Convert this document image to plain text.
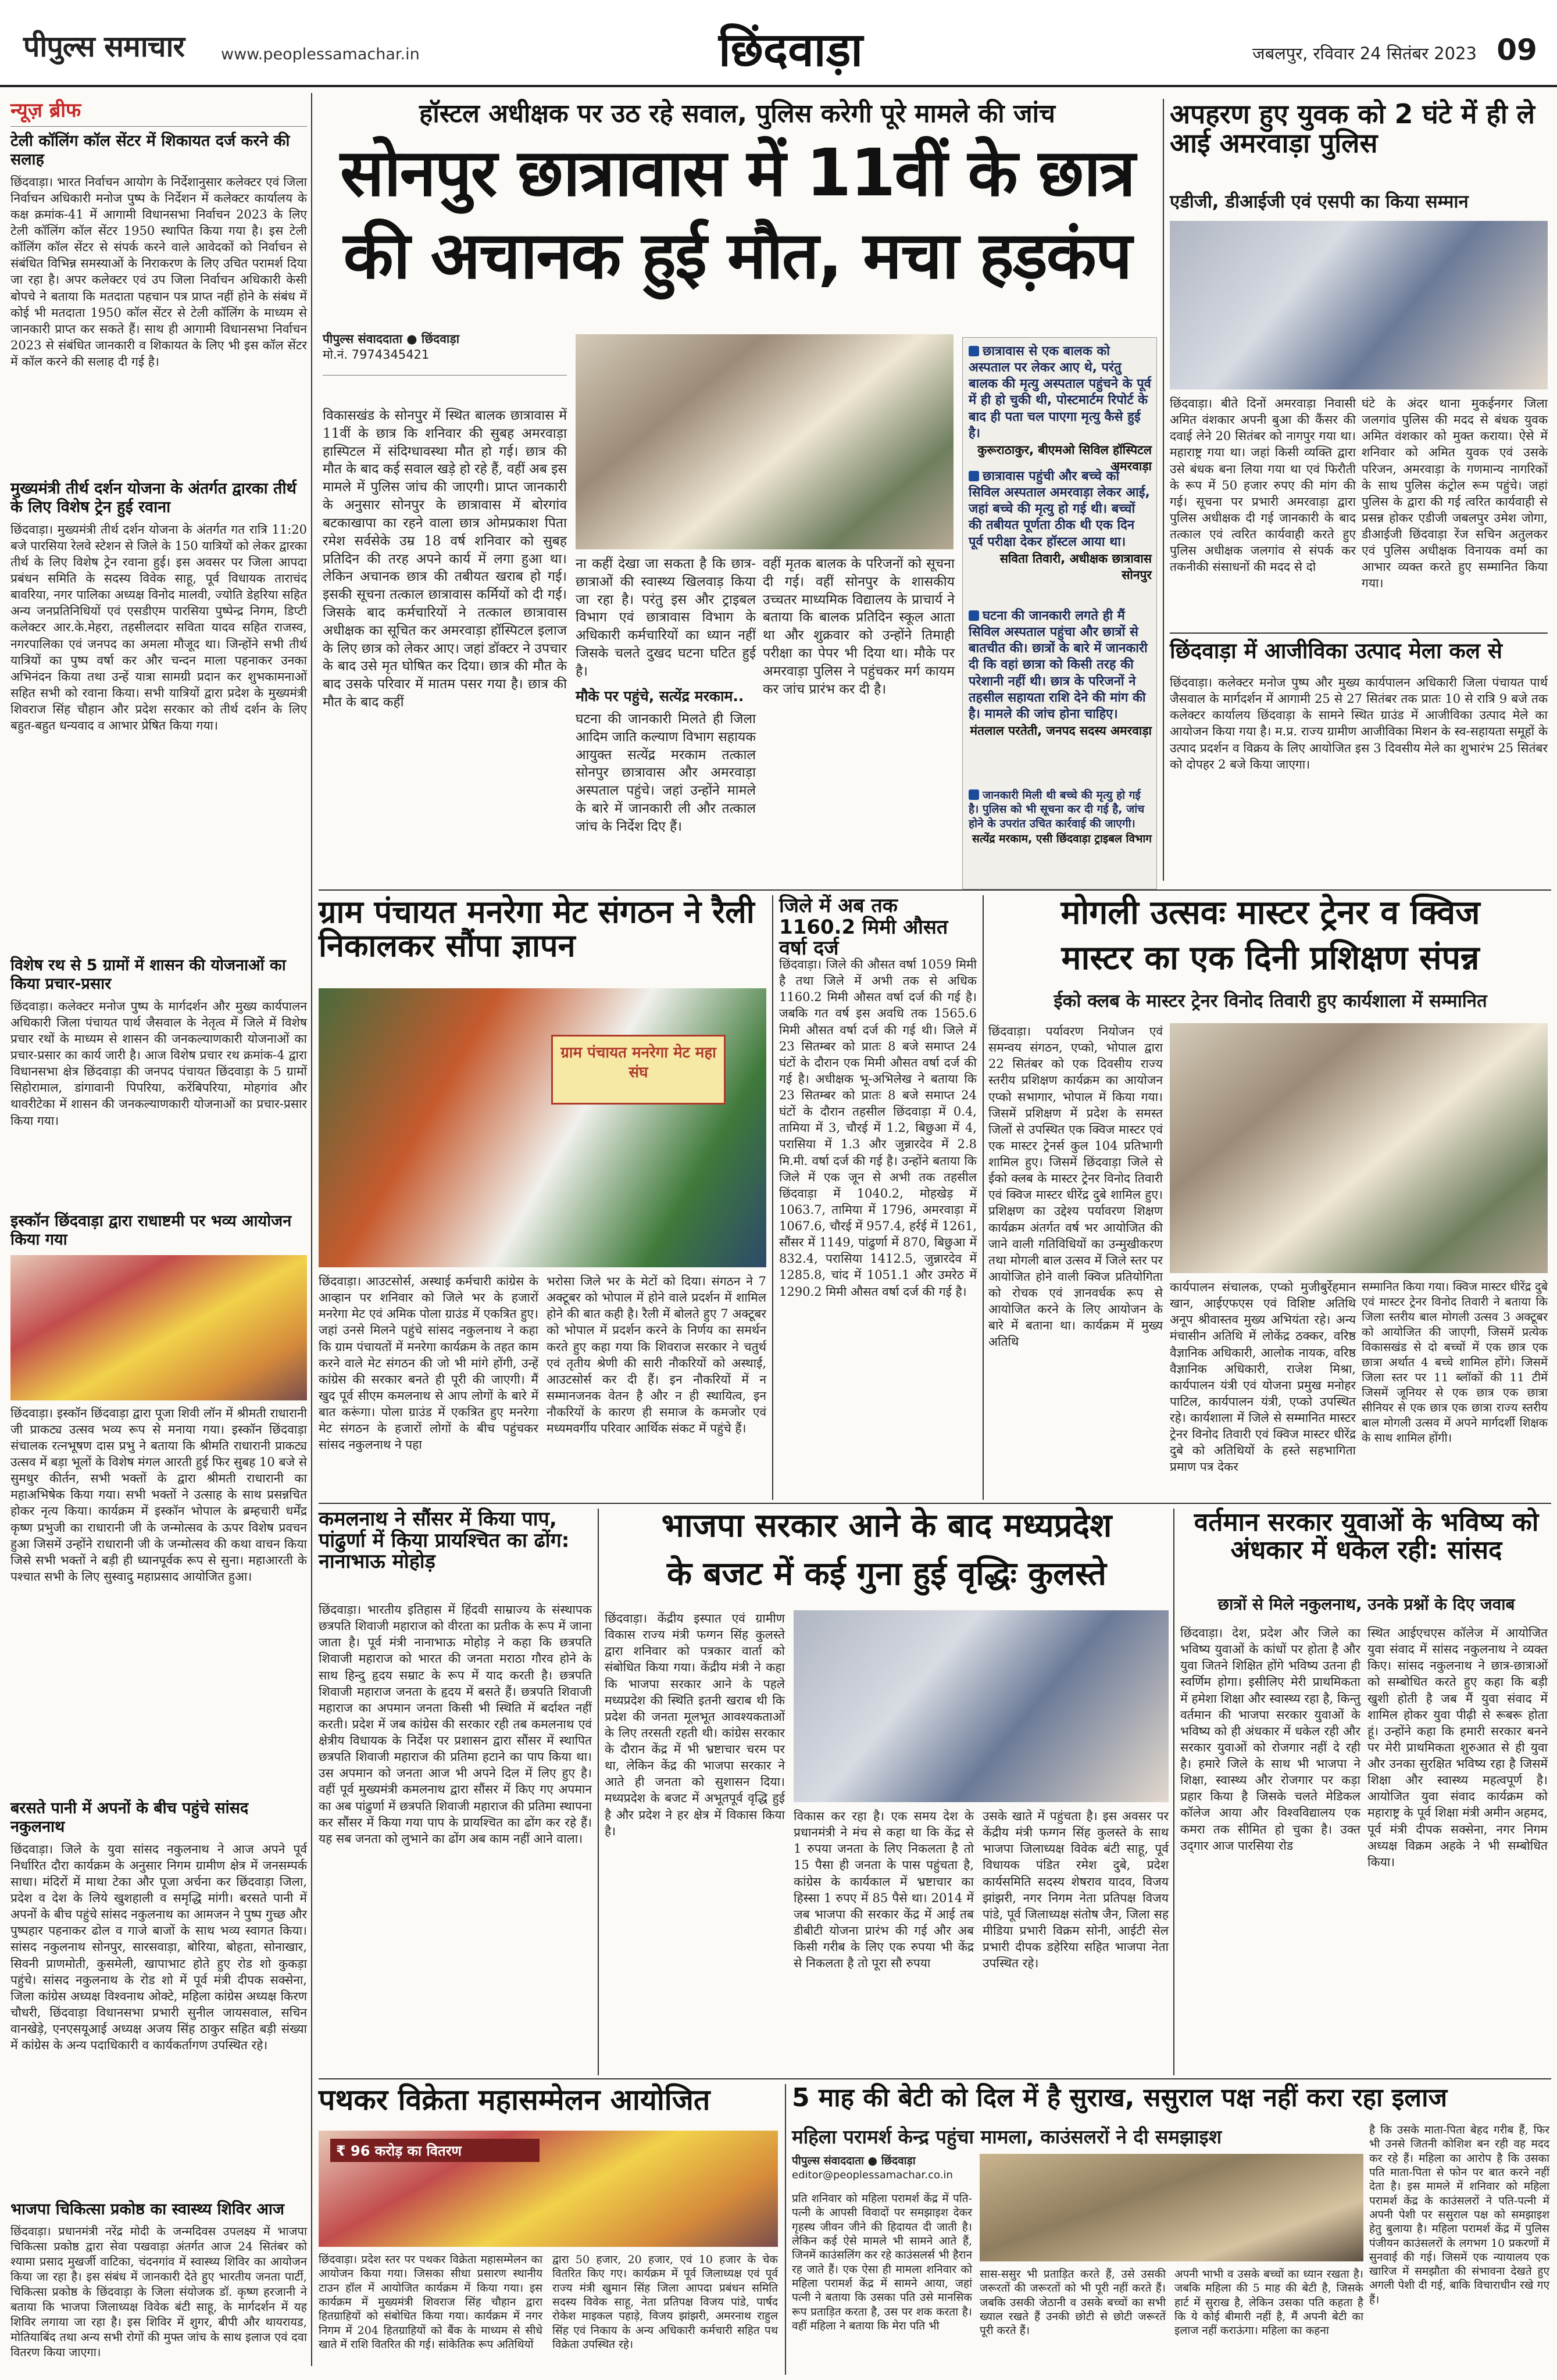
पीपुल्स समाचार	www.peoplessamachar.in	छिंदवाड़ा	जबलपुर, रविवार 24 सितंबर 2023 09
न्यूज़ ब्रीफ
टेली कॉलिंग कॉल सेंटर में शिकायत दर्ज करने की सलाह
छिंदवाड़ा। भारत निर्वाचन आयोग के निर्देशानुसार कलेक्टर एवं जिला निर्वाचन अधिकारी मनोज पुष्प के निर्देशन में कलेक्टर कार्यालय के कक्ष क्रमांक-41 में आगामी विधानसभा निर्वाचन 2023 के लिए टेली कॉलिंग कॉल सेंटर 1950 स्थापित किया गया है। इस टेली कॉलिंग कॉल सेंटर से संपर्क करने वाले आवेदकों को निर्वाचन से संबंधित विभिन्न समस्याओं के निराकरण के लिए उचित परामर्श दिया जा रहा है। अपर कलेक्टर एवं उप जिला निर्वाचन अधिकारी केसी बोपचे ने बताया कि मतदाता पहचान पत्र प्राप्त नहीं होने के संबंध में कोई भी मतदाता 1950 कॉल सेंटर से टेली कॉलिंग के माध्यम से जानकारी प्राप्त कर सकते हैं। साथ ही आगामी विधानसभा निर्वाचन 2023 से संबंधित जानकारी व शिकायत के लिए भी इस कॉल सेंटर में कॉल करने की सलाह दी गई है।
मुख्यमंत्री तीर्थ दर्शन योजना के अंतर्गत द्वारका तीर्थ के लिए विशेष ट्रेन हुई रवाना
छिंदवाड़ा। मुख्यमंत्री तीर्थ दर्शन योजना के अंतर्गत गत रात्रि 11:20 बजे पारसिया रेलवे स्टेशन से जिले के 150 यात्रियों को लेकर द्वारका तीर्थ के लिए विशेष ट्रेन रवाना हुई। इस अवसर पर जिला आपदा प्रबंधन समिति के सदस्य विवेक साहू, पूर्व विधायक ताराचंद बावरिया, नगर पालिका अध्यक्ष विनोद मालवी, ज्योति डेहरिया सहित अन्य जनप्रतिनिधियों एवं एसडीएम पारसिया पुष्पेन्द्र निगम, डिप्टी कलेक्टर आर.के.मेहरा, तहसीलदार सविता यादव सहित राजस्व, नगरपालिका एवं जनपद का अमला मौजूद था। जिन्होंने सभी तीर्थ यात्रियों का पुष्प वर्षा कर और चन्दन माला पहनाकर उनका अभिनंदन किया तथा उन्हें यात्रा सामग्री प्रदान कर शुभकामनाओं सहित सभी को रवाना किया। सभी यात्रियों द्वारा प्रदेश के मुख्यमंत्री शिवराज सिंह चौहान और प्रदेश सरकार को तीर्थ दर्शन के लिए बहुत-बहुत धन्यवाद व आभार प्रेषित किया गया।
विशेष रथ से 5 ग्रामों में शासन की योजनाओं का किया प्रचार-प्रसार
छिंदवाड़ा। कलेक्टर मनोज पुष्प के मार्गदर्शन और मुख्य कार्यपालन अधिकारी जिला पंचायत पार्थ जैसवाल के नेतृत्व में जिले में विशेष प्रचार रथों के माध्यम से शासन की जनकल्याणकारी योजनाओं का प्रचार-प्रसार का कार्य जारी है। आज विशेष प्रचार रथ क्रमांक-4 द्वारा विधानसभा क्षेत्र छिंदवाड़ा की जनपद पंचायत छिंदवाड़ा के 5 ग्रामों सिहोरामाल, डांगावानी पिपरिया, करेंबिपरिया, मोहगांव और थावरीटेका में शासन की जनकल्याणकारी योजनाओं का प्रचार-प्रसार किया गया।
इस्कॉन छिंदवाड़ा द्वारा राधाष्टमी पर भव्य आयोजन किया गया
छिंदवाड़ा। इस्कॉन छिंदवाड़ा द्वारा पूजा शिवी लॉन में श्रीमती राधारानी जी प्राकट्य उत्सव भव्य रूप से मनाया गया। इस्कॉन छिंदवाड़ा संचालक रत्नभूषण दास प्रभु ने बताया कि श्रीमति राधारानी प्राकट्य उत्सव में बड़ा भूलों के विशेष मंगल आरती हुई फिर सुबह 10 बजे से सुमधुर कीर्तन, सभी भक्तों के द्वारा श्रीमती राधारानी का महाअभिषेक किया गया। सभी भक्तों ने उत्साह के साथ प्रसन्नचित होकर नृत्य किया। कार्यक्रम में इस्कॉन भोपाल के ब्रम्हचारी धर्मेंद्र कृष्ण प्रभुजी का राधारानी जी के जन्मोत्सव के ऊपर विशेष प्रवचन हुआ जिसमें उन्होंने राधारानी जी के जन्मोत्सव की कथा वाचन किया जिसे सभी भक्तों ने बड़ी ही ध्यानपूर्वक रूप से सुना। महाआरती के पश्चात सभी के लिए सुस्वादु महाप्रसाद आयोजित हुआ।
बरसते पानी में अपनों के बीच पहुंचे सांसद नकुलनाथ
छिंदवाड़ा। जिले के युवा सांसद नकुलनाथ ने आज अपने पूर्व निर्धारित दौरा कार्यक्रम के अनुसार निगम ग्रामीण क्षेत्र में जनसम्पर्क साधा। मंदिरों में माथा टेका और पूजा अर्चना कर छिंदवाड़ा जिला, प्रदेश व देश के लिये खुशहाली व समृद्धि मांगी। बरसते पानी में अपनों के बीच पहुंचे सांसद नकुलनाथ का आमजन ने पुष्प गुच्छ और पुष्पहार पहनाकर ढोल व गाजे बाजों के साथ भव्य स्वागत किया। सांसद नकुलनाथ सोनपुर, सारसवाड़ा, बोरिया, बोहता, सोनाखार, सिवनी प्राणमोती, कुसमेली, खापाभाट होते हुए रोड शो कुकड़ा पहुंचे। सांसद नकुलनाथ के रोड शो में पूर्व मंत्री दीपक सक्सेना, जिला कांग्रेस अध्यक्ष विश्वनाथ ओक्टे, महिला कांग्रेस अध्यक्ष किरण चौधरी, छिंदवाड़ा विधानसभा प्रभारी सुनील जायसवाल, सचिन वानखेड़े, एनएसयूआई अध्यक्ष अजय सिंह ठाकुर सहित बड़ी संख्या में कांग्रेस के अन्य पदाधिकारी व कार्यकर्तागण उपस्थित रहे।
भाजपा चिकित्सा प्रकोष्ठ का स्वास्थ्य शिविर आज
छिंदवाड़ा। प्रधानमंत्री नरेंद्र मोदी के जन्मदिवस उपलक्ष्य में भाजपा चिकित्सा प्रकोष्ठ द्वारा सेवा पखवाड़ा अंतर्गत आज 24 सितंबर को श्यामा प्रसाद मुखर्जी वाटिका, चंदनगांव में स्वास्थ्य शिविर का आयोजन किया जा रहा है। इस संबंध में जानकारी देते हुए भारतीय जनता पार्टी, चिकित्सा प्रकोष्ठ के छिंदवाड़ा के जिला संयोजक डॉ. कृष्ण हरजानी ने बताया कि भाजपा जिलाध्यक्ष विवेक बंटी साहू, के मार्गदर्शन में यह शिविर लगाया जा रहा है। इस शिविर में शुगर, बीपी और थायरायड, मोतियाबिंद तथा अन्य सभी रोगों की मुफ्त जांच के साथ इलाज एवं दवा वितरण किया जाएगा।
हॉस्टल अधीक्षक पर उठ रहे सवाल, पुलिस करेगी पूरे मामले की जांच
सोनपुर छात्रावास में 11वीं के छात्र
की अचानक हुई मौत, मचा हड़कंप
पीपुल्स संवाददाता ● छिंदवाड़ा
मो.नं. 7974345421
विकासखंड के सोनपुर में स्थित बालक छात्रावास में 11वीं के छात्र कि शनिवार की सुबह अमरवाड़ा हास्पिटल में संदिग्धावस्था मौत हो गई। छात्र की मौत के बाद कई सवाल खड़े हो रहे हैं, वहीं अब इस मामले में पुलिस जांच की जाएगी। प्राप्त जानकारी के अनुसार सोनपुर के छात्रावास में बोरगांव बटकाखापा का रहने वाला छात्र ओमप्रकाश पिता रमेश सर्वसेके उम्र 18 वर्ष शनिवार को सुबह प्रतिदिन की तरह अपने कार्य में लगा हुआ था। लेकिन अचानक छात्र की तबीयत खराब हो गई। इसकी सूचना तत्काल छात्रावास कर्मियों को दी गई। जिसके बाद कर्मचारियों ने तत्काल छात्रावास अधीक्षक का सूचित कर अमरवाड़ा हॉस्पिटल इलाज के लिए छात्र को लेकर आए। जहां डॉक्टर ने उपचार के बाद उसे मृत घोषित कर दिया। छात्र की मौत के बाद उसके परिवार में मातम पसर गया है। छात्र की मौत के बाद कहीं
ना कहीं देखा जा सकता है कि छात्र-छात्राओं की स्वास्थ्य खिलवाड़ किया जा रहा है। परंतु इस और ट्राइबल विभाग एवं छात्रावास विभाग के अधिकारी कर्मचारियों का ध्यान नहीं जिसके चलते दुखद घटना घटित हुई है।
मौके पर पहुंचे, सत्येंद्र मरकाम..
घटना की जानकारी मिलते ही जिला आदिम जाति कल्याण विभाग सहायक आयुक्त सत्येंद्र मरकाम तत्काल सोनपुर छात्रावास और अमरवाड़ा अस्पताल पहुंचे। जहां उन्होंने मामले के बारे में जानकारी ली और तत्काल जांच के निर्देश दिए हैं।
वहीं मृतक बालक के परिजनों को सूचना दी गई। वहीं सोनपुर के शासकीय उच्चतर माध्यमिक विद्यालय के प्राचार्य ने बताया कि बालक प्रतिदिन स्कूल आता था और शुक्रवार को उन्होंने तिमाही परीक्षा का पेपर भी दिया था। मौके पर अमरवाड़ा पुलिस ने पहुंचकर मर्ग कायम कर जांच प्रारंभ कर दी है।
छात्रावास से एक बालक को अस्पताल पर लेकर आए थे, परंतु बालक की मृत्यु अस्पताल पहुंचने के पूर्व में ही हो चुकी थी, पोस्टमार्टम रिपोर्ट के बाद ही पता चल पाएगा मृत्यु कैसे हुई है।
कुरूराठाकुर, बीएमओ सिविल हॉस्पिटल अमरवाड़ा
छात्रावास पहुंची और बच्चे को सिविल अस्पताल अमरवाड़ा लेकर आई, जहां बच्चे की मृत्यु हो गई थी। बच्चों की तबीयत पूर्णता ठीक थी एक दिन पूर्व परीक्षा देकर हॉस्टल आया था।
सविता तिवारी, अधीक्षक छात्रावास सोनपुर
घटना की जानकारी लगते ही मैं सिविल अस्पताल पहुंचा और छात्रों से बातचीत की। छात्रों के बारे में जानकारी दी कि वहां छात्रा को किसी तरह की परेशानी नहीं थी। छात्र के परिजनों ने तहसील सहायता राशि देने की मांग की है। मामले की जांच होना चाहिए।
मंतलाल परतेती, जनपद सदस्य अमरवाड़ा
जानकारी मिली थी बच्चे की मृत्यु हो गई है। पुलिस को भी सूचना कर दी गई है, जांच होने के उपरांत उचित कार्रवाई की जाएगी।
सत्येंद्र मरकाम, एसी छिंदवाड़ा ट्राइबल विभाग
अपहरण हुए युवक को 2 घंटे में ही ले आई अमरवाड़ा पुलिस
एडीजी, डीआईजी एवं एसपी का किया सम्मान
छिंदवाड़ा। बीते दिनों अमरवाड़ा निवासी अमित वंशकार अपनी बुआ की कैंसर की दवाई लेने 20 सितंबर को नागपुर गया था। महाराष्ट्र गया था। जहां किसी व्यक्ति द्वारा उसे बंधक बना लिया गया था एवं फिरौती के रूप में 50 हजार रुपए की मांग की गई। सूचना पर प्रभारी अमरवाड़ा द्वारा पुलिस अधीक्षक दी गई जानकारी के बाद तत्काल एवं त्वरित कार्यवाही करते हुए पुलिस अधीक्षक जलगांव से संपर्क कर तकनीकी संसाधनों की मदद से दो
घंटे के अंदर थाना मुकईनगर जिला जलगांव पुलिस की मदद से बंधक युवक अमित वंशकार को मुक्त कराया। ऐसे में शनिवार को अमित युवक एवं उसके परिजन, अमरवाड़ा के गणमान्य नागरिकों के साथ पुलिस कंट्रोल रूम पहुंचे। जहां पुलिस के द्वारा की गई त्वरित कार्यवाही से प्रसन्न होकर एडीजी जबलपुर उमेश जोगा, डीआईजी छिंदवाड़ा रेंज सचिन अतुलकर एवं पुलिस अधीक्षक विनायक वर्मा का आभार व्यक्त करते हुए सम्मानित किया गया।
छिंदवाड़ा में आजीविका उत्पाद मेला कल से
छिंदवाड़ा। कलेक्टर मनोज पुष्प और मुख्य कार्यपालन अधिकारी जिला पंचायत पार्थ जैसवाल के मार्गदर्शन में आगामी 25 से 27 सितंबर तक प्रातः 10 से रात्रि 9 बजे तक कलेक्टर कार्यालय छिंदवाड़ा के सामने स्थित ग्राउंड में आजीविका उत्पाद मेले का आयोजन किया गया है। म.प्र. राज्य ग्रामीण आजीविका मिशन के स्व-सहायता समूहों के उत्पाद प्रदर्शन व विक्रय के लिए आयोजित इस 3 दिवसीय मेले का शुभारंभ 25 सितंबर को दोपहर 2 बजे किया जाएगा।
ग्राम पंचायत मनरेगा मेट संगठन ने रैली निकालकर सौंपा ज्ञापन
ग्राम पंचायत मनरेगा मेट महा संघ
छिंदवाड़ा। आउटसोर्स, अस्थाई कर्मचारी कांग्रेस के आव्हान पर शनिवार को जिले भर के हजारों मनरेगा मेट एवं अमिक पोला ग्राउंड में एकत्रित हुए। जहां उनसे मिलने पहुंचे सांसद नकुलनाथ ने कहा कि ग्राम पंचायतों में मनरेगा कार्यक्रम के तहत काम करने वाले मेट संगठन की जो भी मांगे होंगी, उन्हें कांग्रेस की सरकार बनते ही पूरी की जाएगी। मैं खुद पूर्व सीएम कमलनाथ से आप लोगों के बारे में बात करूंगा। पोला ग्राउंड में एकत्रित हुए मनरेगा मेट संगठन के हजारों लोगों के बीच पहुंचकर सांसद नकुलनाथ ने पहा
भरोसा जिले भर के मेटों को दिया। संगठन ने 7 अक्टूबर को भोपाल में होने वाले प्रदर्शन में शामिल होने की बात कही है। रैली में बोलते हुए 7 अक्टूबर को भोपाल में प्रदर्शन करने के निर्णय का समर्थन करते हुए कहा गया कि शिवराज सरकार ने चतुर्थ एवं तृतीय श्रेणी की सारी नौकरियों को अस्थाई, आउटसोर्स कर दी हैं। इन नौकरियों में न सम्मानजनक वेतन है और न ही स्थायित्व, इन नौकरियों के कारण ही समाज के कमजोर एवं मध्यमवर्गीय परिवार आर्थिक संकट में पहुंचे हैं।
जिले में अब तक 1160.2 मिमी औसत वर्षा दर्ज
छिंदवाड़ा। जिले की औसत वर्षा 1059 मिमी है तथा जिले में अभी तक से अधिक 1160.2 मिमी औसत वर्षा दर्ज की गई है। जबकि गत वर्ष इस अवधि तक 1565.6 मिमी औसत वर्षा दर्ज की गई थी। जिले में 23 सितम्बर को प्रातः 8 बजे समाप्त 24 घंटों के दौरान एक मिमी औसत वर्षा दर्ज की गई है। अधीक्षक भू-अभिलेख ने बताया कि 23 सितम्बर को प्रातः 8 बजे समाप्त 24 घंटों के दौरान तहसील छिंदवाड़ा में 0.4, तामिया में 3, चौरई में 1.2, बिछुआ में 4, परासिया में 1.3 और जुन्नारदेव में 2.8 मि.मी. वर्षा दर्ज की गई है। उन्होंने बताया कि जिले में एक जून से अभी तक तहसील छिंदवाड़ा में 1040.2, मोहखेड़ में 1063.7, तामिया में 1796, अमरवाड़ा में 1067.6, चौरई में 957.4, हर्रई में 1261, सौंसर में 1149, पांढुर्णा में 870, बिछुआ में 832.4, परासिया 1412.5, जुन्नारदेव में 1285.8, चांद में 1051.1 और उमरेठ में 1290.2 मिमी औसत वर्षा दर्ज की गई है।
मोगली उत्सवः मास्टर ट्रेनर व क्विज
मास्टर का एक दिनी प्रशिक्षण संपन्न
ईको क्लब के मास्टर ट्रेनर विनोद तिवारी हुए कार्यशाला में सम्मानित
छिंदवाड़ा। पर्यावरण नियोजन एवं समन्वय संगठन, एप्को, भोपाल द्वारा 22 सितंबर को एक दिवसीय राज्य स्तरीय प्रशिक्षण कार्यक्रम का आयोजन एप्को सभागार, भोपाल में किया गया। जिसमें प्रशिक्षण में प्रदेश के समस्त जिलों से उपस्थित एक क्विज मास्टर एवं एक मास्टर ट्रेनर्स कुल 104 प्रतिभागी शामिल हुए। जिसमें छिंदवाड़ा जिले से ईको क्लब के मास्टर ट्रेनर विनोद तिवारी एवं क्विज मास्टर धीरेंद्र दुबे शामिल हुए। प्रशिक्षण का उद्देश्य पर्यावरण शिक्षण कार्यक्रम अंतर्गत वर्ष भर आयोजित की जाने वाली गतिविधियों का उन्मुखीकरण तथा मोगली बाल उत्सव में जिले स्तर पर आयोजित होने वाली क्विज प्रतियोगिता को रोचक एवं ज्ञानवर्धक रूप से आयोजित करने के लिए आयोजन के बारे में बताना था। कार्यक्रम में मुख्य अतिथि
कार्यपालन संचालक, एप्को मुजीबुर्रेहमान खान, आईएफएस एवं विशिष्ट अतिथि अनूप श्रीवास्तव मुख्य अभियंता रहे। अन्य मंचासीन अतिथि में लोकेंद्र ठक्कर, वरिष्ठ वैज्ञानिक अधिकारी, आलोक नायक, वरिष्ठ वैज्ञानिक अधिकारी, राजेश मिश्रा, कार्यपालन यंत्री एवं योजना प्रमुख मनोहर पाटिल, कार्यपालन यंत्री, एप्को उपस्थित रहे। कार्यशाला में जिले से सम्मानित मास्टर ट्रेनर विनोद तिवारी एवं क्विज मास्टर धीरेंद्र दुबे को अतिथियों के हस्ते सहभागिता प्रमाण पत्र देकर
सम्मानित किया गया। क्विज मास्टर धीरेंद्र दुबे एवं मास्टर ट्रेनर विनोद तिवारी ने बताया कि जिला स्तरीय बाल मोगली उत्सव 3 अक्टूबर को आयोजित की जाएगी, जिसमें प्रत्येक विकासखंड से दो बच्चों में एक छात्र एक छात्रा अर्थात 4 बच्चे शामिल होंगे। जिसमें जिला स्तर पर 11 ब्लॉकों की 11 टीमें जिसमें जूनियर से एक छात्र एक छात्रा सीनियर से एक छात्र एक छात्रा राज्य स्तरीय बाल मोगली उत्सव में अपने मार्गदर्शी शिक्षक के साथ शामिल होंगी।
कमलनाथ ने सौंसर में किया पाप, पांढुर्णा में किया प्रायश्चित का ढोंग: नानाभाऊ मोहोड़
छिंदवाड़ा। भारतीय इतिहास में हिंदवी साम्राज्य के संस्थापक छत्रपति शिवाजी महाराज को वीरता का प्रतीक के रूप में जाना जाता है। पूर्व मंत्री नानाभाऊ मोहोड़ ने कहा कि छत्रपति शिवाजी महाराज को भारत की जनता मराठा गौरव होने के साथ हिन्दु हृदय सम्राट के रूप में याद करती है। छत्रपति शिवाजी महाराज जनता के हृदय में बसते हैं। छत्रपति शिवाजी महाराज का अपमान जनता किसी भी स्थिति में बर्दाश्त नहीं करती। प्रदेश में जब कांग्रेस की सरकार रही तब कमलनाथ एवं क्षेत्रीय विधायक के निर्देश पर प्रशासन द्वारा सौंसर में स्थापित छत्रपति शिवाजी महाराज की प्रतिमा हटाने का पाप किया था। उस अपमान को जनता आज भी अपने दिल में लिए हुए है। वहीं पूर्व मुख्यमंत्री कमलनाथ द्वारा सौंसर में किए गए अपमान का अब पांढुर्णा में छत्रपति शिवाजी महाराज की प्रतिमा स्थापना कर सौंसर में किया गया पाप के प्रायश्चित का ढोंग कर रहे हैं। यह सब जनता को लुभाने का ढोंग अब काम नहीं आने वाला।
भाजपा सरकार आने के बाद मध्यप्रदेश
के बजट में कई गुना हुई वृद्धिः कुलस्ते
छिंदवाड़ा। केंद्रीय इस्पात एवं ग्रामीण विकास राज्य मंत्री फग्गन सिंह कुलस्ते द्वारा शनिवार को पत्रकार वार्ता को संबोधित किया गया। केंद्रीय मंत्री ने कहा कि भाजपा सरकार आने के पहले मध्यप्रदेश की स्थिति इतनी खराब थी कि प्रदेश की जनता मूलभूत आवश्यकताओं के लिए तरसती रहती थी। कांग्रेस सरकार के दौरान केंद्र में भी भ्रष्टाचार चरम पर था, लेकिन केंद्र की भाजपा सरकार ने आते ही जनता को सुशासन दिया। मध्यप्रदेश के बजट में अभूतपूर्व वृद्धि हुई है और प्रदेश ने हर क्षेत्र में विकास किया है।
विकास कर रहा है। एक समय देश के प्रधानमंत्री ने मंच से कहा था कि केंद्र से 1 रुपया जनता के लिए निकलता है तो 15 पैसा ही जनता के पास पहुंचता है, कांग्रेस के कार्यकाल में भ्रष्टाचार का हिस्सा 1 रुपए में 85 पैसे था। 2014 में जब भाजपा की सरकार केंद्र में आई तब डीबीटी योजना प्रारंभ की गई और अब किसी गरीब के लिए एक रुपया भी केंद्र से निकलता है तो पूरा सौ रुपया
उसके खाते में पहुंचता है। इस अवसर पर केंद्रीय मंत्री फग्गन सिंह कुलस्ते के साथ भाजपा जिलाध्यक्ष विवेक बंटी साहू, पूर्व विधायक पंडित रमेश दुबे, प्रदेश कार्यसमिति सदस्य शेषराव यादव, विजय झांझरी, नगर निगम नेता प्रतिपक्ष विजय पांडे, पूर्व जिलाध्यक्ष संतोष जैन, जिला सह मीडिया प्रभारी विक्रम सोनी, आईटी सेल प्रभारी दीपक डहेरिया सहित भाजपा नेता उपस्थित रहे।
वर्तमान सरकार युवाओं के भविष्य को अंधकार में धकेल रही: सांसद
छात्रों से मिले नकुलनाथ, उनके प्रश्नों के दिए जवाब
छिंदवाड़ा। देश, प्रदेश और जिले का भविष्य युवाओं के कांधों पर होता है और युवा जितने शिक्षित होंगे भविष्य उतना ही स्वर्णिम होगा। इसीलिए मेरी प्राथमिकता में हमेशा शिक्षा और स्वास्थ्य रहा है, किन्तु वर्तमान की भाजपा सरकार युवाओं के भविष्य को ही अंधकार में धकेल रही और सरकार युवाओं को रोजगार नहीं दे रही है। हमारे जिले के साथ भी भाजपा ने शिक्षा, स्वास्थ्य और रोजगार पर कड़ा प्रहार किया है जिसके चलते मेडिकल कॉलेज आया और विश्वविद्यालय एक कमरा तक सीमित हो चुका है। उक्त उद्‌गार आज पारसिया रोड
स्थित आईएचएस कॉलेज में आयोजित युवा संवाद में सांसद नकुलनाथ ने व्यक्त किए। सांसद नकुलनाथ ने छात्र-छात्राओं को सम्बोधित करते हुए कहा कि बड़ी खुशी होती है जब मैं युवा संवाद में शामिल होकर युवा पीढ़ी से रूबरू होता हूं। उन्होंने कहा कि हमारी सरकार बनने पर मेरी प्राथमिकता शुरुआत से ही युवा और उनका सुरक्षित भविष्य रहा है जिसमें शिक्षा और स्वास्थ्य महत्वपूर्ण है। आयोजित युवा संवाद कार्यक्रम को महाराष्ट्र के पूर्व शिक्षा मंत्री अमीन अहमद, पूर्व मंत्री दीपक सक्सेना, नगर निगम अध्यक्ष विक्रम अहके ने भी सम्बोधित किया।
पथकर विक्रेता महासम्मेलन आयोजित
₹ 96 करोड़ का वितरण
छिंदवाड़ा। प्रदेश स्तर पर पथकर विक्रेता महासम्मेलन का आयोजन किया गया। जिसका सीधा प्रसारण स्थानीय टाउन हॉल में आयोजित कार्यक्रम में किया गया। इस कार्यक्रम में मुख्यमंत्री शिवराज सिंह चौहान द्वारा हितग्राहियों को संबोधित किया गया। कार्यक्रम में नगर निगम में 204 हितग्राहियों को बैंक के माध्यम से सीधे खाते में राशि वितरित की गई। सांकेतिक रूप अतिथियों
द्वारा 50 हजार, 20 हजार, एवं 10 हजार के चेक वितरित किए गए। कार्यक्रम में पूर्व जिलाध्यक्ष एवं पूर्व राज्य मंत्री खुमान सिंह जिला आपदा प्रबंधन समिति सदस्य विवेक साहू, नेता प्रतिपक्ष विजय पांडे, पार्षद रोकेश माइकल पहाड़े, विजय झांझरी, अमरनाथ राहुल सिंह एवं निकाय के अन्य अधिकारी कर्मचारी सहित पथ विक्रेता उपस्थित रहे।
5 माह की बेटी को दिल में है सुराख, ससुराल पक्ष नहीं करा रहा इलाज
महिला परामर्श केन्द्र पहुंचा मामला, काउंसलरों ने दी समझाइश
पीपुल्स संवाददाता ● छिंदवाड़ा
editor@peoplessamachar.co.in
प्रति शनिवार को महिला परामर्श केंद्र में पति-पत्नी के आपसी विवादों पर समझाइश देकर गृहस्थ जीवन जीने की हिदायत दी जाती है। लेकिन कई ऐसे मामले भी सामने आते हैं, जिनमें काउंसलिंग कर रहे काउंसलर्स भी हैरान रह जाते हैं। एक ऐसा ही मामला शनिवार को महिला परामर्श केंद्र में सामने आया, जहां पत्नी ने बताया कि उसका पति उसे मानसिक रूप प्रताड़ित करता है, उस पर शक करता है। वहीं महिला ने बताया कि मेरा पति भी
सास-ससुर भी प्रताड़ित करते हैं, उसे उसकी जरूरतों की जरूरतों को भी पूरी नहीं करते हैं। जबकि उसकी जेठानी व उसके बच्चों का सभी ख्याल रखते हैं उनकी छोटी से छोटी जरूरतें पूरी करते हैं।
अपनी भाभी व उसके बच्चों का ध्यान रखता है। जबकि महिला की 5 माह की बेटी है, जिसके हार्ट में सुराख है, लेकिन उसका पति कहता है कि ये कोई बीमारी नहीं है, मैं अपनी बेटी का इलाज नहीं कराऊंगा। महिला का कहना
है कि उसके माता-पिता बेहद गरीब हैं, फिर भी उनसे जितनी कोशिश बन रही वह मदद कर रहे हैं। महिला का आरोप है कि उसका पति माता-पिता से फोन पर बात करने नहीं देता है। इस मामले में शनिवार को महिला परामर्श केंद्र के काउंसलरों ने पति-पत्नी में अपनी पेशी पर ससुराल पक्ष को समझाइश हेतु बुलाया है। महिला परामर्श केंद्र में पुलिस पंजीयन काउंसलरों के लगभग 10 प्रकरणों में सुनवाई की गई। जिसमें एक न्यायालय एक खारिज में समझौता की संभावना देखते हुए अगली पेशी दी गई, बाकि विचाराधीन रखे गए हैं।
